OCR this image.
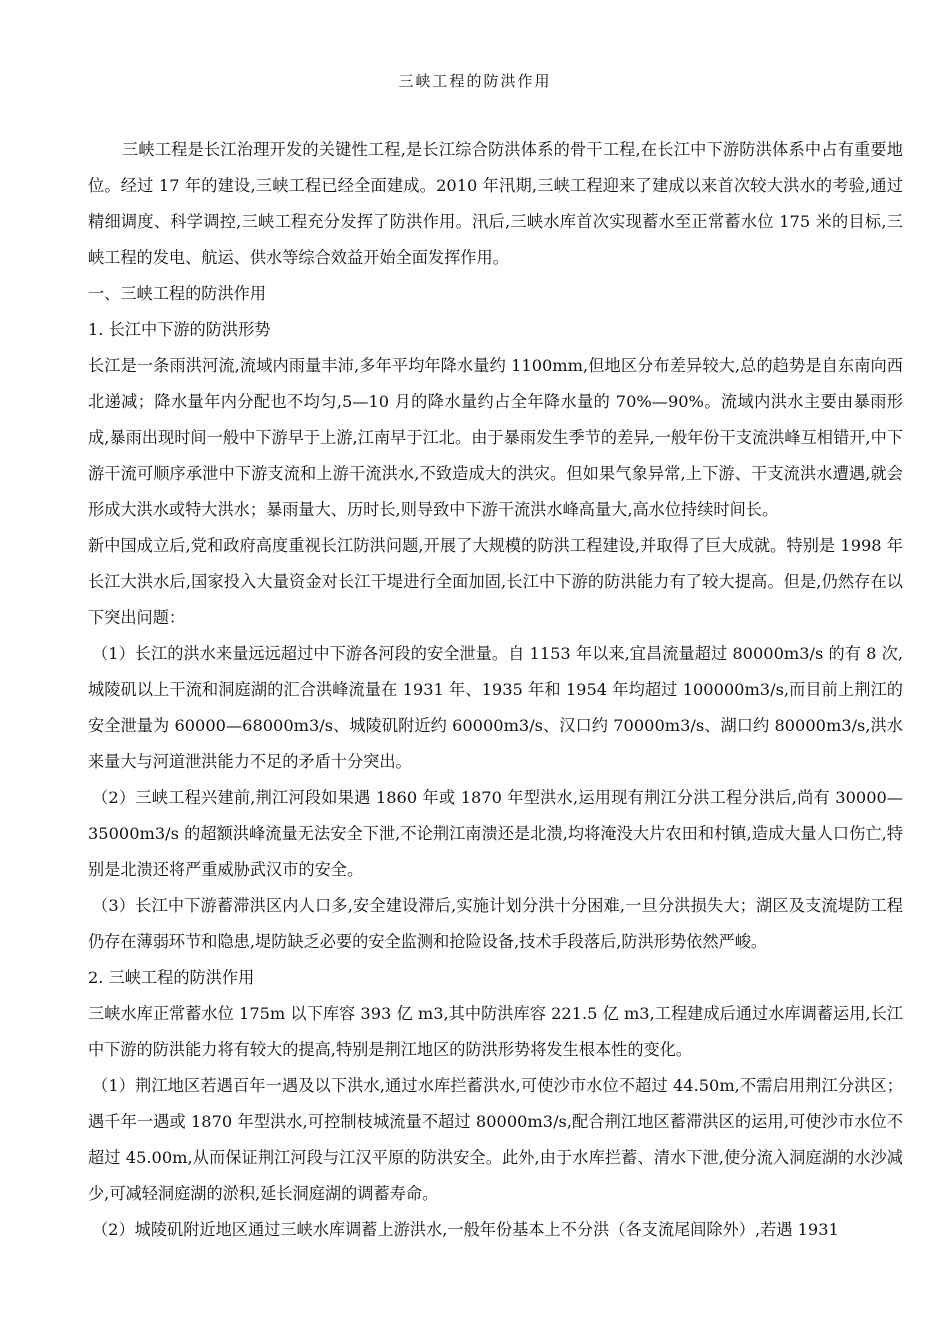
三峡工程的防洪作用

三峡工程是长江治理开发的关键性工程,是长江综合防洪体系的骨干工程,在长江中下游防洪体系中占有重要地位。经过 17 年的建设,三峡工程已经全面建成。2010 年汛期,三峡工程迎来了建成以来首次较大洪水的考验,通过精细调度、科学调控,三峡工程充分发挥了防洪作用。汛后,三峡水库首次实现蓄水至正常蓄水位 175 米的目标,三峡工程的发电、航运、供水等综合效益开始全面发挥作用。

一、三峡工程的防洪作用

1. 长江中下游的防洪形势

长江是一条雨洪河流,流域内雨量丰沛,多年平均年降水量约 1100mm,但地区分布差异较大,总的趋势是自东南向西北递减；降水量年内分配也不均匀,5—10 月的降水量约占全年降水量的 70%—90%。流域内洪水主要由暴雨形成,暴雨出现时间一般中下游早于上游,江南早于江北。由于暴雨发生季节的差异,一般年份干支流洪峰互相错开,中下游干流可顺序承泄中下游支流和上游干流洪水,不致造成大的洪灾。但如果气象异常,上下游、干支流洪水遭遇,就会形成大洪水或特大洪水；暴雨量大、历时长,则导致中下游干流洪水峰高量大,高水位持续时间长。

新中国成立后,党和政府高度重视长江防洪问题,开展了大规模的防洪工程建设,并取得了巨大成就。特别是 1998 年长江大洪水后,国家投入大量资金对长江干堤进行全面加固,长江中下游的防洪能力有了较大提高。但是,仍然存在以下突出问题：

（1）长江的洪水来量远远超过中下游各河段的安全泄量。自 1153 年以来,宜昌流量超过 80000m3/s 的有 8 次,城陵矶以上干流和洞庭湖的汇合洪峰流量在 1931 年、1935 年和 1954 年均超过 100000m3/s,而目前上荆江的安全泄量为 60000—68000m3/s、城陵矶附近约 60000m3/s、汉口约 70000m3/s、湖口约 80000m3/s,洪水来量大与河道泄洪能力不足的矛盾十分突出。

（2）三峡工程兴建前,荆江河段如果遇 1860 年或 1870 年型洪水,运用现有荆江分洪工程分洪后,尚有 30000—35000m3/s 的超额洪峰流量无法安全下泄,不论荆江南溃还是北溃,均将淹没大片农田和村镇,造成大量人口伤亡,特别是北溃还将严重威胁武汉市的安全。

（3）长江中下游蓄滞洪区内人口多,安全建设滞后,实施计划分洪十分困难,一旦分洪损失大；湖区及支流堤防工程仍存在薄弱环节和隐患,堤防缺乏必要的安全监测和抢险设备,技术手段落后,防洪形势依然严峻。

2. 三峡工程的防洪作用

三峡水库正常蓄水位 175m 以下库容 393 亿 m3,其中防洪库容 221.5 亿 m3,工程建成后通过水库调蓄运用,长江中下游的防洪能力将有较大的提高,特别是荆江地区的防洪形势将发生根本性的变化。

（1）荆江地区若遇百年一遇及以下洪水,通过水库拦蓄洪水,可使沙市水位不超过 44.50m,不需启用荆江分洪区；遇千年一遇或 1870 年型洪水,可控制枝城流量不超过 80000m3/s,配合荆江地区蓄滞洪区的运用,可使沙市水位不超过 45.00m,从而保证荆江河段与江汉平原的防洪安全。此外,由于水库拦蓄、清水下泄,使分流入洞庭湖的水沙减少,可减轻洞庭湖的淤积,延长洞庭湖的调蓄寿命。

（2）城陵矶附近地区通过三峡水库调蓄上游洪水,一般年份基本上不分洪（各支流尾闾除外）,若遇 1931
